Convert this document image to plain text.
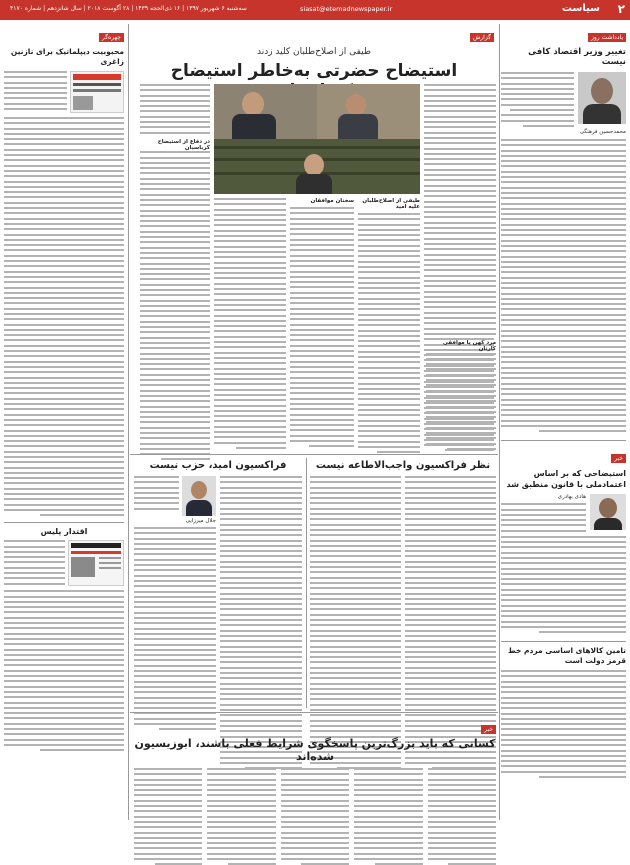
۲
سیاست
siasat@etemadnewspaper.ir
سه‌شنبه ۶ شهریور ۱۳۹۷ | ۱۶ ذی‌الحجه ۱۴۳۹ | ۲۸ آگوست ۲۰۱۸ | سال شانزدهم | شماره ۴۱۷۰
یادداشت روز
تغییر وزیر اقتصاد کافی نیست
محمدحسین فرهنگی
خبر
استیضاحی که بر اساس اعتمادملی با قانون منطبق شد
هادی بهادری
تامین کالاهای اساسی مردم خط قرمز دولت است
گزارش
طیفی از اصلاح‌طلبان کلید زدند
استیضاح حضرتی به‌خاطر استیضاح
سخنان موافقان	طیفی از اصلاح‌طلبان علیه امید
مرد کهن یا موافقی کارتان
در دفاع از استیضاح کرباسیان
نظر فراکسیون واجب‌الاطاعه نیست
فراکسیون امید، حزب نیست
جلال میرزایی
خبر
کسانی که باید بزرگ‌ترین پاسخگوی شرایط فعلی باشند، ابوزیسیون شده‌اند
چهره‌گر
محبوبیت دیپلماتیک برای نازنین زاغری
اقتدار پلیس
